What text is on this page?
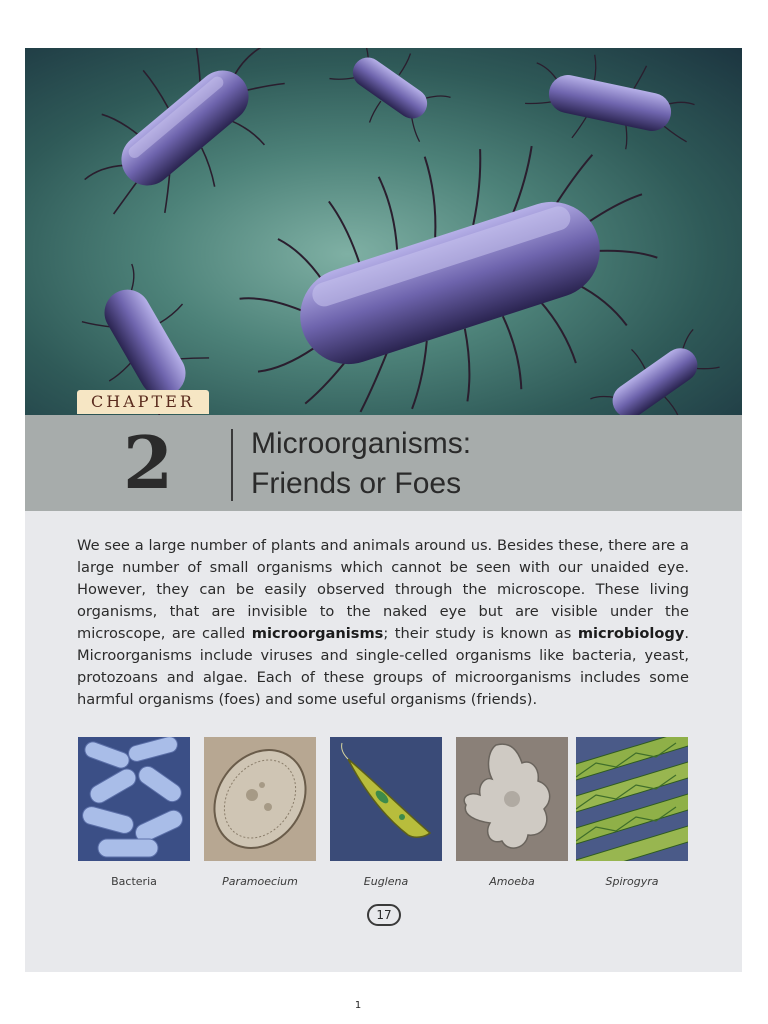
CHAPTER
2	Microorganisms:
Friends or Foes

We see a large number of plants and animals around us. Besides these, there are a large number of small organisms which cannot be seen with our unaided eye. However, they can be easily observed through the microscope. These living organisms, that are invisible to the naked eye but are visible under the microscope, are called microorganisms; their study is known as microbiology. Microorganisms include viruses and single-celled organisms like bacteria, yeast, protozoans and algae. Each of these groups of microorganisms includes some harmful organisms (foes) and some useful organisms (friends).

Bacteria	Paramoecium	Euglena	Amoeba	Spirogyra
17
1
